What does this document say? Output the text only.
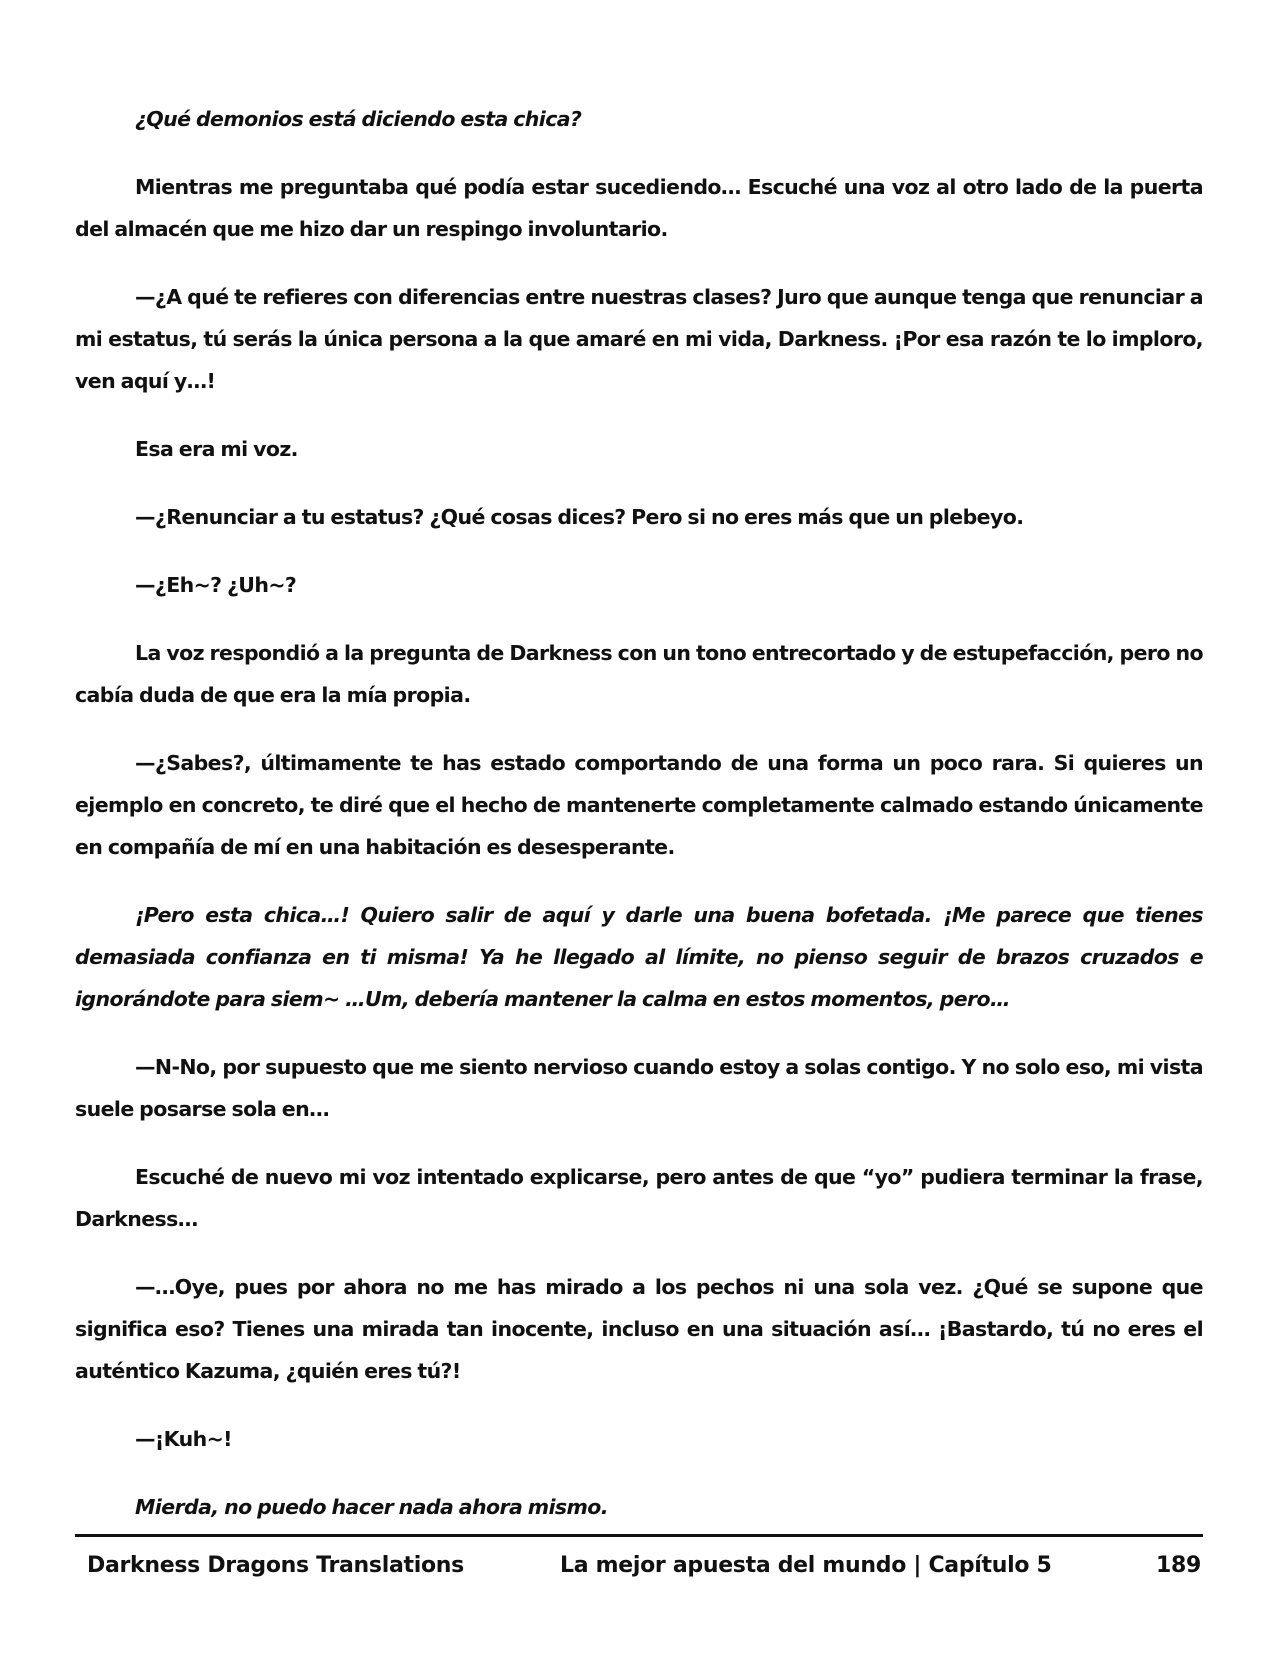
¿Qué demonios está diciendo esta chica?

Mientras me preguntaba qué podía estar sucediendo… Escuché una voz al otro lado de la puerta del almacén que me hizo dar un respingo involuntario.

—¿A qué te refieres con diferencias entre nuestras clases? Juro que aunque tenga que renunciar a mi estatus, tú serás la única persona a la que amaré en mi vida, Darkness. ¡Por esa razón te lo imploro, ven aquí y…!

Esa era mi voz.

—¿Renunciar a tu estatus? ¿Qué cosas dices? Pero si no eres más que un plebeyo.

—¿Eh~? ¿Uh~?

La voz respondió a la pregunta de Darkness con un tono entrecortado y de estupefacción, pero no cabía duda de que era la mía propia.

—¿Sabes?, últimamente te has estado comportando de una forma un poco rara. Si quieres un ejemplo en concreto, te diré que el hecho de mantenerte completamente calmado estando únicamente en compañía de mí en una habitación es desesperante.

¡Pero esta chica…! Quiero salir de aquí y darle una buena bofetada. ¡Me parece que tienes demasiada confianza en ti misma! Ya he llegado al límite, no pienso seguir de brazos cruzados e ignorándote para siem~ …Um, debería mantener la calma en estos momentos, pero…

—N-No, por supuesto que me siento nervioso cuando estoy a solas contigo. Y no solo eso, mi vista suele posarse sola en…

Escuché de nuevo mi voz intentado explicarse, pero antes de que “yo” pudiera terminar la frase, Darkness…

—…Oye, pues por ahora no me has mirado a los pechos ni una sola vez. ¿Qué se supone que significa eso? Tienes una mirada tan inocente, incluso en una situación así… ¡Bastardo, tú no eres el auténtico Kazuma, ¿quién eres tú?!

—¡Kuh~!

Mierda, no puedo hacer nada ahora mismo.

Darkness Dragons Translations	La mejor apuesta del mundo | Capítulo 5	189
